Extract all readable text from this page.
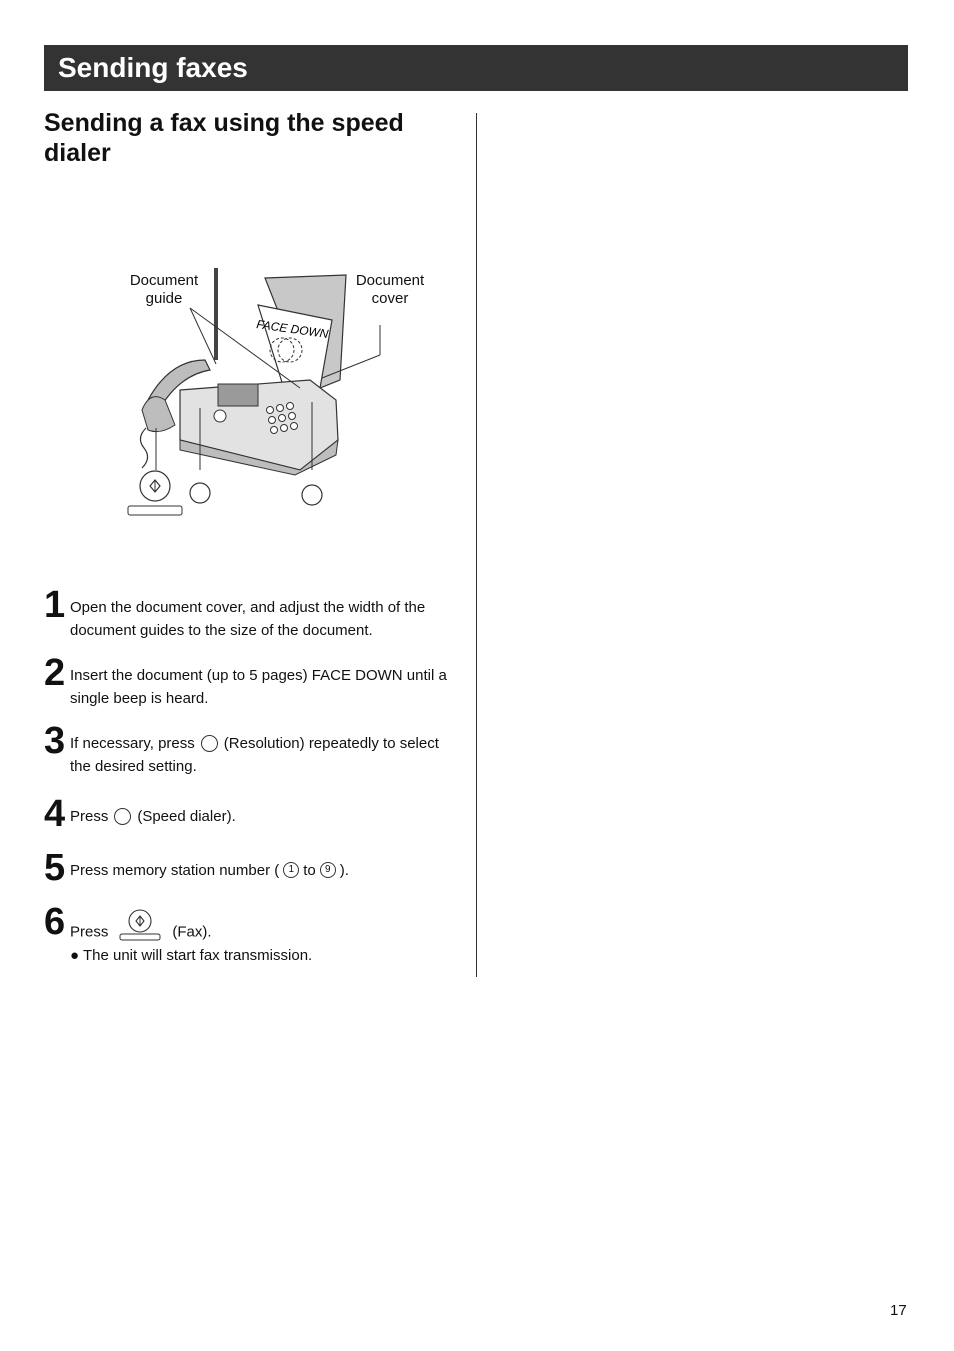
Sending faxes
Sending a fax using the speed dialer
FACE DOWN
Document
guide
Document
cover
1 Open the document cover, and adjust the width of the document guides to the size of the document.
2 Insert the document (up to 5 pages) FACE DOWN until a single beep is heard.
3 If necessary, press (Resolution) repeatedly to select the desired setting.
4 Press (Speed dialer).
5 Press memory station number ( 1 to 9 ).
6 Press	(Fax).
● The unit will start fax transmission.
17
